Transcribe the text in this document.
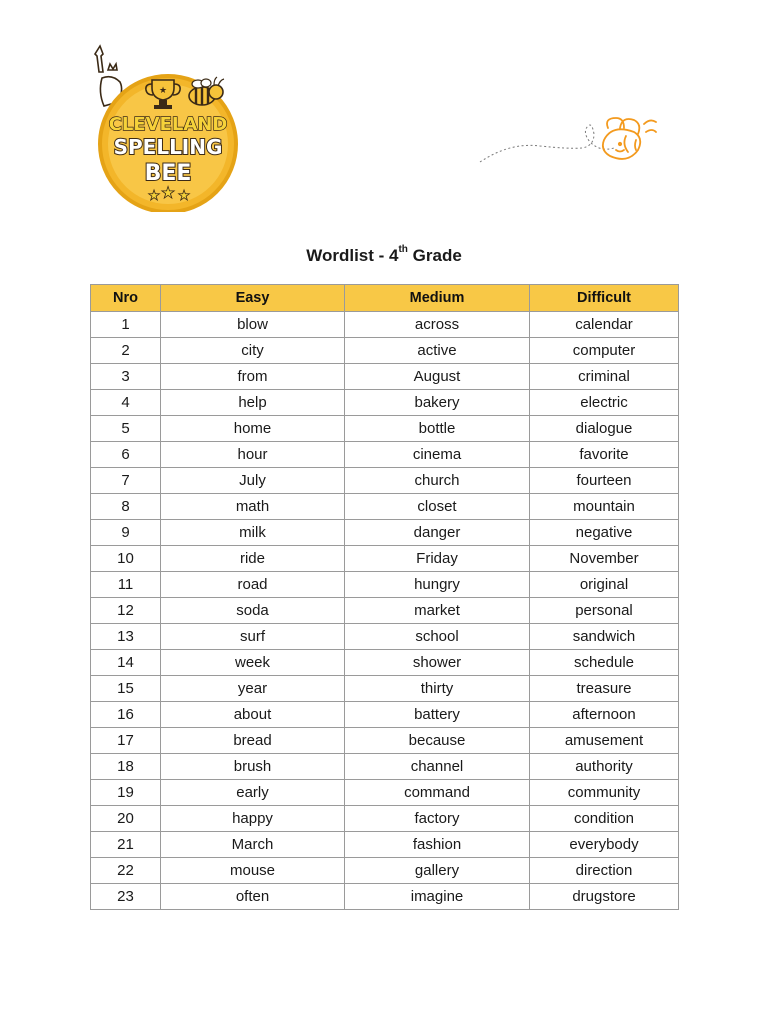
★
CLEVELAND
SPELLING
BEE
★ ★ ★
Wordlist - 4th Grade
Nro	Easy	Medium	Difficult
1	blow	across	calendar
2	city	active	computer
3	from	August	criminal
4	help	bakery	electric
5	home	bottle	dialogue
6	hour	cinema	favorite
7	July	church	fourteen
8	math	closet	mountain
9	milk	danger	negative
10	ride	Friday	November
11	road	hungry	original
12	soda	market	personal
13	surf	school	sandwich
14	week	shower	schedule
15	year	thirty	treasure
16	about	battery	afternoon
17	bread	because	amusement
18	brush	channel	authority
19	early	command	community
20	happy	factory	condition
21	March	fashion	everybody
22	mouse	gallery	direction
23	often	imagine	drugstore
